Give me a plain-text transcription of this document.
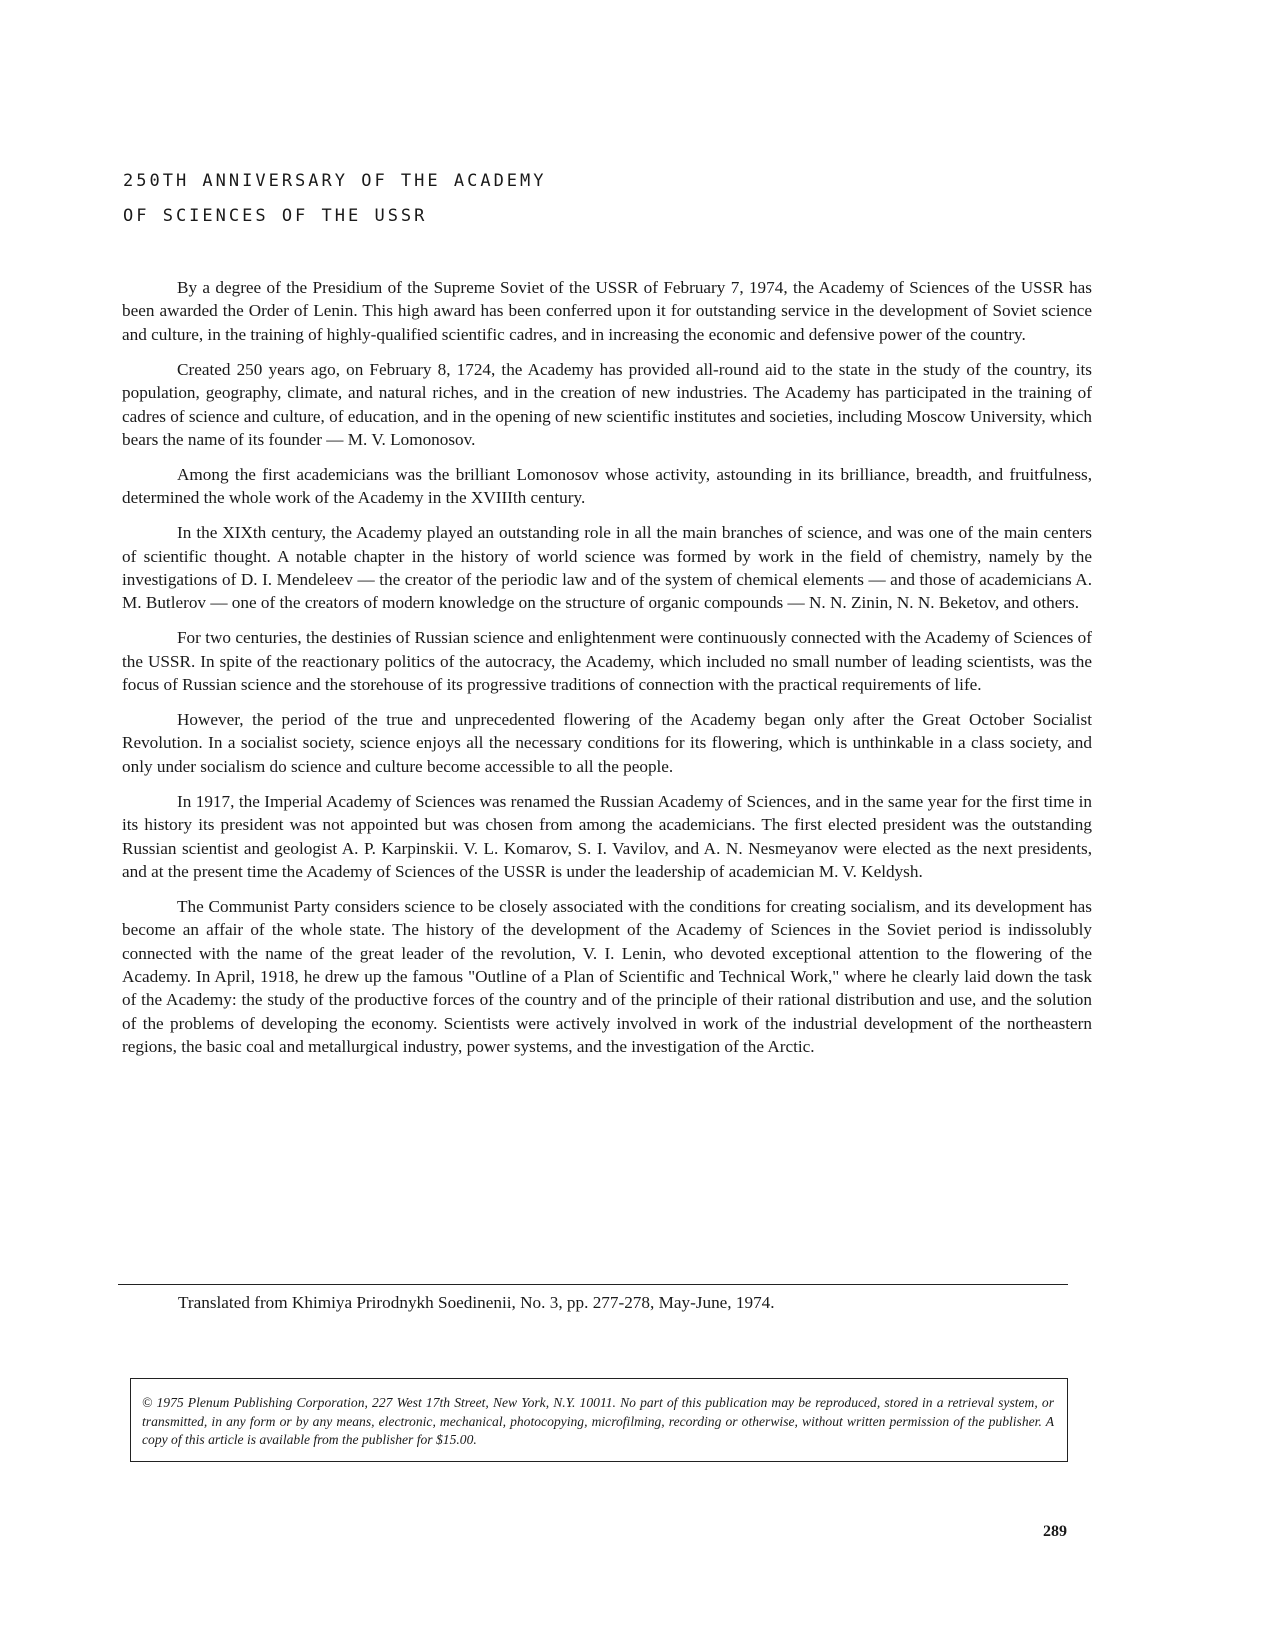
250TH ANNIVERSARY OF THE ACADEMY
OF SCIENCES OF THE USSR

By a degree of the Presidium of the Supreme Soviet of the USSR of February 7, 1974, the Academy of Sciences of the USSR has been awarded the Order of Lenin. This high award has been conferred upon it for outstanding service in the development of Soviet science and culture, in the training of highly-qualified scientific cadres, and in increasing the economic and defensive power of the country.

Created 250 years ago, on February 8, 1724, the Academy has provided all-round aid to the state in the study of the country, its population, geography, climate, and natural riches, and in the creation of new industries. The Academy has participated in the training of cadres of science and culture, of education, and in the opening of new scientific institutes and societies, including Moscow University, which bears the name of its founder — M. V. Lomonosov.

Among the first academicians was the brilliant Lomonosov whose activity, astounding in its brilliance, breadth, and fruitfulness, determined the whole work of the Academy in the XVIIIth century.

In the XIXth century, the Academy played an outstanding role in all the main branches of science, and was one of the main centers of scientific thought. A notable chapter in the history of world science was formed by work in the field of chemistry, namely by the investigations of D. I. Mendeleev — the creator of the periodic law and of the system of chemical elements — and those of academicians A. M. Butlerov — one of the creators of modern knowledge on the structure of organic compounds — N. N. Zinin, N. N. Beketov, and others.

For two centuries, the destinies of Russian science and enlightenment were continuously connected with the Academy of Sciences of the USSR. In spite of the reactionary politics of the autocracy, the Academy, which included no small number of leading scientists, was the focus of Russian science and the storehouse of its progressive traditions of connection with the practical requirements of life.

However, the period of the true and unprecedented flowering of the Academy began only after the Great October Socialist Revolution. In a socialist society, science enjoys all the necessary conditions for its flowering, which is unthinkable in a class society, and only under socialism do science and culture become accessible to all the people.

In 1917, the Imperial Academy of Sciences was renamed the Russian Academy of Sciences, and in the same year for the first time in its history its president was not appointed but was chosen from among the academicians. The first elected president was the outstanding Russian scientist and geologist A. P. Karpinskii. V. L. Komarov, S. I. Vavilov, and A. N. Nesmeyanov were elected as the next presidents, and at the present time the Academy of Sciences of the USSR is under the leadership of academician M. V. Keldysh.

The Communist Party considers science to be closely associated with the conditions for creating socialism, and its development has become an affair of the whole state. The history of the development of the Academy of Sciences in the Soviet period is indissolubly connected with the name of the great leader of the revolution, V. I. Lenin, who devoted exceptional attention to the flowering of the Academy. In April, 1918, he drew up the famous "Outline of a Plan of Scientific and Technical Work," where he clearly laid down the task of the Academy: the study of the productive forces of the country and of the principle of their rational distribution and use, and the solution of the problems of developing the economy. Scientists were actively involved in work of the industrial development of the northeastern regions, the basic coal and metallurgical industry, power systems, and the investigation of the Arctic.

Translated from Khimiya Prirodnykh Soedinenii, No. 3, pp. 277-278, May-June, 1974.
© 1975 Plenum Publishing Corporation, 227 West 17th Street, New York, N.Y. 10011. No part of this publication may be reproduced, stored in a retrieval system, or transmitted, in any form or by any means, electronic, mechanical, photocopying, microfilming, recording or otherwise, without written permission of the publisher. A copy of this article is available from the publisher for $15.00.
289
